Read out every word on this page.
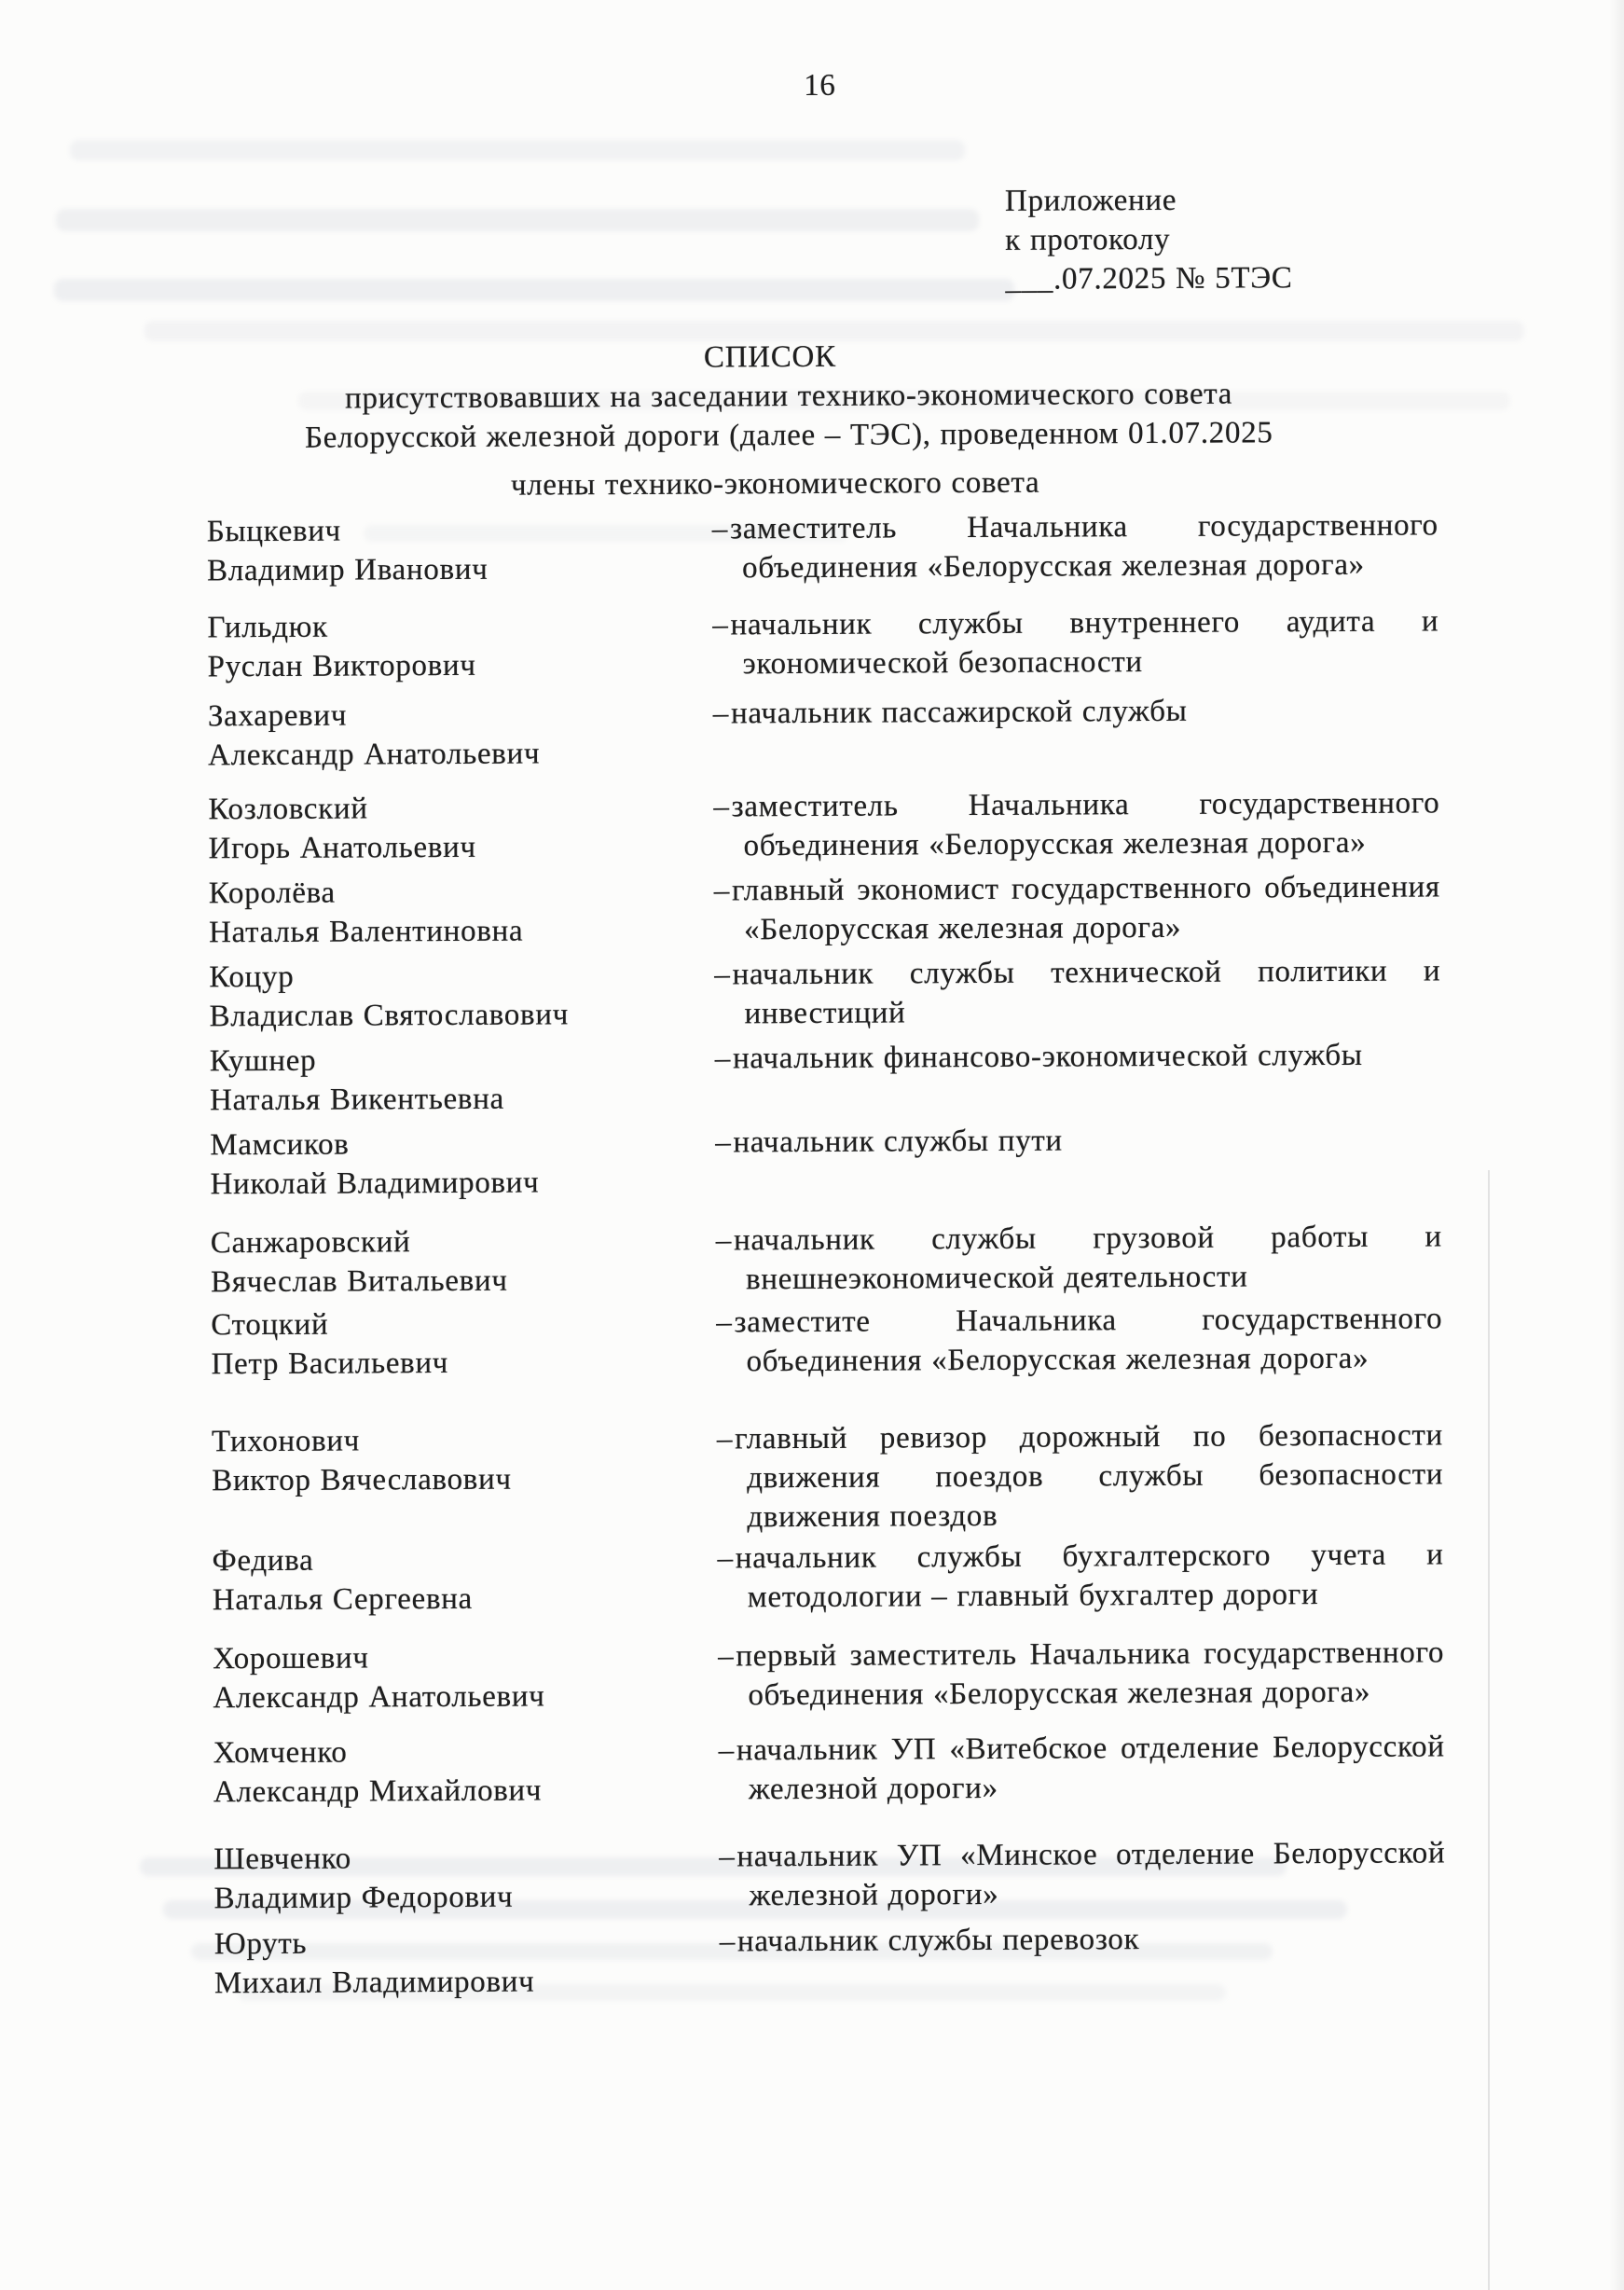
16
Приложение
к протоколу
___.07.2025 № 5ТЭС
СПИСОК
присутствовавших на заседании технико-экономического совета
Белорусской железной дороги (далее – ТЭС), проведенном 01.07.2025
члены технико-экономического совета
Быцкевич
Владимир Иванович
–заместитель Начальника государственного объединения «Белорусская железная дорога»
Гильдюк
Руслан Викторович
–начальник службы внутреннего аудита и экономической безопасности
Захаревич
Александр Анатольевич
–начальник пассажирской службы
Козловский
Игорь Анатольевич
–заместитель Начальника государственного объединения «Белорусская железная дорога»
Королёва
Наталья Валентиновна
–главный экономист государственного объединения «Белорусская железная дорога»
Коцур
Владислав Святославович
–начальник службы технической политики и инвестиций
Кушнер
Наталья Викентьевна
–начальник финансово-экономической службы
Мамсиков
Николай Владимирович
–начальник службы пути
Санжаровский
Вячеслав Витальевич
–начальник службы грузовой работы и внешнеэкономической деятельности
Стоцкий
Петр Васильевич
–заместите Начальника государственного объединения «Белорусская железная дорога»
Тихонович
Виктор Вячеславович
–главный ревизор дорожный по безопасности движения поездов службы безопасности движения поездов
Федива
Наталья Сергеевна
–начальник службы бухгалтерского учета и методологии – главный бухгалтер дороги
Хорошевич
Александр Анатольевич
–первый заместитель Начальника государственного объединения «Белорусская железная дорога»
Хомченко
Александр Михайлович
–начальник УП «Витебское отделение Белорусской железной дороги»
Шевченко
Владимир Федорович
–начальник УП «Минское отделение Белорусской железной дороги»
Юруть
Михаил Владимирович
–начальник службы перевозок
